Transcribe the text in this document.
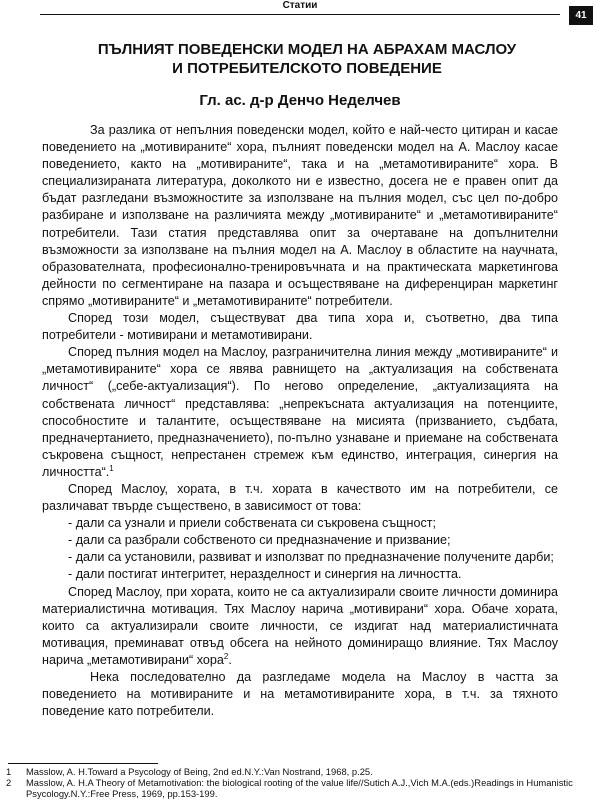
Статии
41
ПЪЛНИЯТ ПОВЕДЕНСКИ МОДЕЛ НА АБРАХАМ МАСЛОУ
И ПОТРЕБИТЕЛСКОТО ПОВЕДЕНИЕ
Гл. ас. д-р Денчо Неделчев

За разлика от непълния поведенски модел, който е най-често цитиран и касае поведението на „мотивираните“ хора, пълният поведенски модел на А. Маслоу касае поведението, както на „мотивираните“, така и на „метамотивираните“ хора. В специализираната литература, доколкото ни е известно, досега не е правен опит да бъдат разгледани възможностите за използване на пълния модел, със цел по-добро разбиране и използване на различията между „мотивираните“ и „метамотивираните“ потребители. Тази статия представлява опит за очертаване на допълнителни възможности за използване на пълния модел на А. Маслоу в областите на научната, образователната, професионално-тренировъчната и на практическата маркетингова дейности по сегментиране на пазара и осъществяване на диференциран маркетинг спрямо „мотивираните“ и „метамотивираните“ потребители.

Според този модел, съществуват два типа хора и, съответно, два типа потребители - мотивирани и метамотивирани.

Според пълния модел на Маслоу, разграничителна линия между „мотивираните“ и „метамотивираните“ хора се явява равнището на „актуализация на собствената личност“ („себе-актуализация“). По негово определение, „актуализацията на собствената личност“ представлява: „непрекъсната актуализация на потенциите, способностите и талантите, осъществяване на мисията (призванието, съдбата, предначертанието, предназначението), по-пълно узнаване и приемане на собствената съкровена същност, непрестанен стремеж към единство, интеграция, синергия на личността“.$^1$

Според Маслоу, хората, в т.ч. хората в качеството им на потребители, се различават твърде съществено, в зависимост от това:

- дали са узнали и приели собствената си съкровена същност;

- дали са разбрали собственото си предназначение и призвание;

- дали са установили, развиват и използват по предназначение получените дарби;

- дали постигат интегритет, неразделност и синергия на личността.

Според Маслоу, при хората, които не са актуализирали своите личности доминира материалистична мотивация. Тях Маслоу нарича „мотивирани“ хора. Обаче хората, които са актуализирали своите личности, се издигат над материалистичната мотивация, преминават отвъд обсега на нейното доминиращо влияние. Тях Маслоу нарича „метамотивирани“ хора$^2$.

Нека последователно да разгледаме модела на Маслоу в частта за поведението на мотивираните и на метамотивираните хора, в т.ч. за тяхното поведение като потребители.

1	Masslow, A. H.Toward a Psycology of Being, 2nd ed.N.Y.:Van Nostrand, 1968, p.25.
2	Masslow, A. H.A Theory of Metamotivation: the biological rooting of the value life//Sutich A.J.,Vich M.A.(eds.)Readings in Humanistic Psycology.N.Y.:Free Press, 1969, pp.153-199.
